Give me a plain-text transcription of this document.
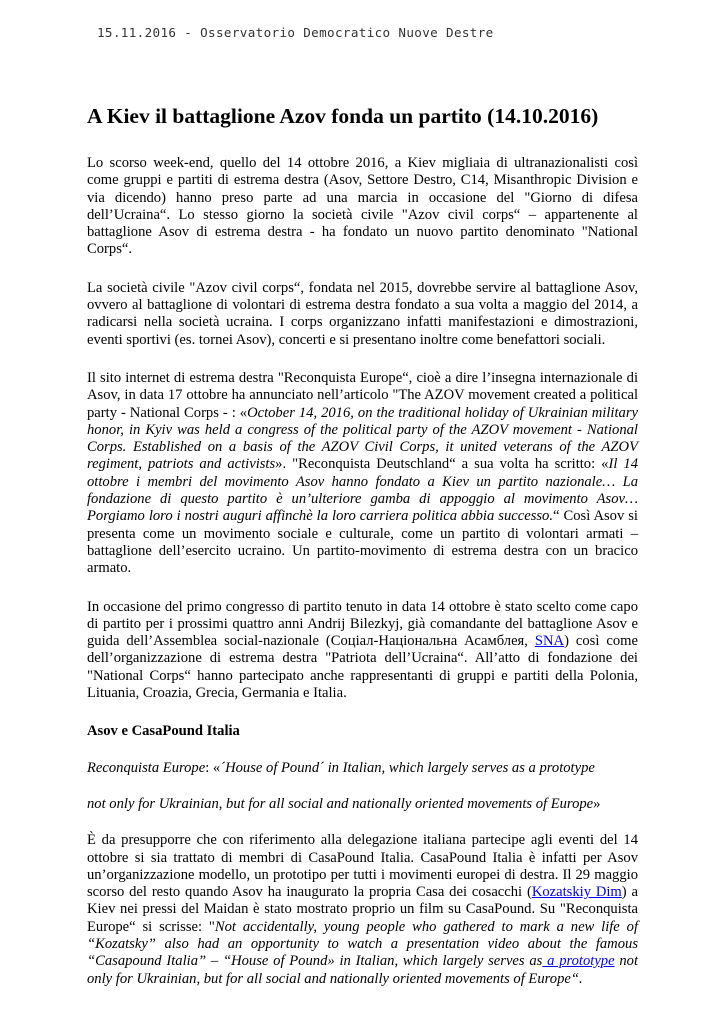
15.11.2016 - Osservatorio Democratico Nuove Destre
A Kiev il battaglione Azov fonda un partito (14.10.2016)

Lo scorso week-end, quello del 14 ottobre 2016, a Kiev migliaia di ultranazionalisti così come gruppi e partiti di estrema destra (Asov, Settore Destro, C14, Misanthropic Division e via dicendo) hanno preso parte ad una marcia in occasione del "Giorno di difesa dell’Ucraina“. Lo stesso giorno la società civile "Azov civil corps“ – appartenente al battaglione Asov di estrema destra - ha fondato un nuovo partito denominato "National Corps“.

La società civile "Azov civil corps“, fondata nel 2015, dovrebbe servire al battaglione Asov, ovvero al battaglione di volontari di estrema destra fondato a sua volta a maggio del 2014, a radicarsi nella società ucraina. I corps organizzano infatti manifestazioni e dimostrazioni, eventi sportivi (es. tornei Asov), concerti e si presentano inoltre come benefattori sociali.

Il sito internet di estrema destra "Reconquista Europe“, cioè a dire l’insegna internazionale di Asov, in data 17 ottobre ha annunciato nell’articolo "The AZOV movement created a political party - National Corps - : «October 14, 2016, on the traditional holiday of Ukrainian military honor, in Kyiv was held a congress of the political party of the AZOV movement - National Corps. Established on a basis of the AZOV Civil Corps, it united veterans of the AZOV regiment, patriots and activists». "Reconquista Deutschland“ a sua volta ha scritto: «Il 14 ottobre i membri del movimento Asov hanno fondato a Kiev un partito nazionale… La fondazione di questo partito è un’ulteriore gamba di appoggio al movimento Asov… Porgiamo loro i nostri auguri affinchè la loro carriera politica abbia successo.“ Così Asov si presenta come un movimento sociale e culturale, come un partito di volontari armati – battaglione dell’esercito ucraino. Un partito-movimento di estrema destra con un bracico armato.

In occasione del primo congresso di partito tenuto in data 14 ottobre è stato scelto come capo di partito per i prossimi quattro anni Andrij Bilezkyj, già comandante del battaglione Asov e guida dell’Assemblea social-nazionale (Соціал-Національна Асамблея, SNA) così come dell’organizzazione di estrema destra "Patriota dell’Ucraina“. All’atto di fondazione dei "National Corps“ hanno partecipato anche rappresentanti di gruppi e partiti della Polonia, Lituania, Croazia, Grecia, Germania e Italia.

Asov e CasaPound Italia

Reconquista Europe: «´House of Pound´ in Italian, which largely serves as a prototype

not only for Ukrainian, but for all social and nationally oriented movements of Europe»

È da presupporre che con riferimento alla delegazione italiana partecipe agli eventi del 14 ottobre si sia trattato di membri di CasaPound Italia. CasaPound Italia è infatti per Asov un’organizzazione modello, un prototipo per tutti i movimenti europei di destra. Il 29 maggio scorso del resto quando Asov ha inaugurato la propria Casa dei cosacchi (Kozatskiy Dim) a Kiev nei pressi del Maidan è stato mostrato proprio un film su CasaPound. Su "Reconquista Europe“ si scrisse: "Not accidentally, young people who gathered to mark a new life of “Kozatsky” also had an opportunity to watch a presentation video about the famous “Casapound Italia” – “House of Pound» in Italian, which largely serves as a prototype not only for Ukrainian, but for all social and nationally oriented movements of Europe“.
